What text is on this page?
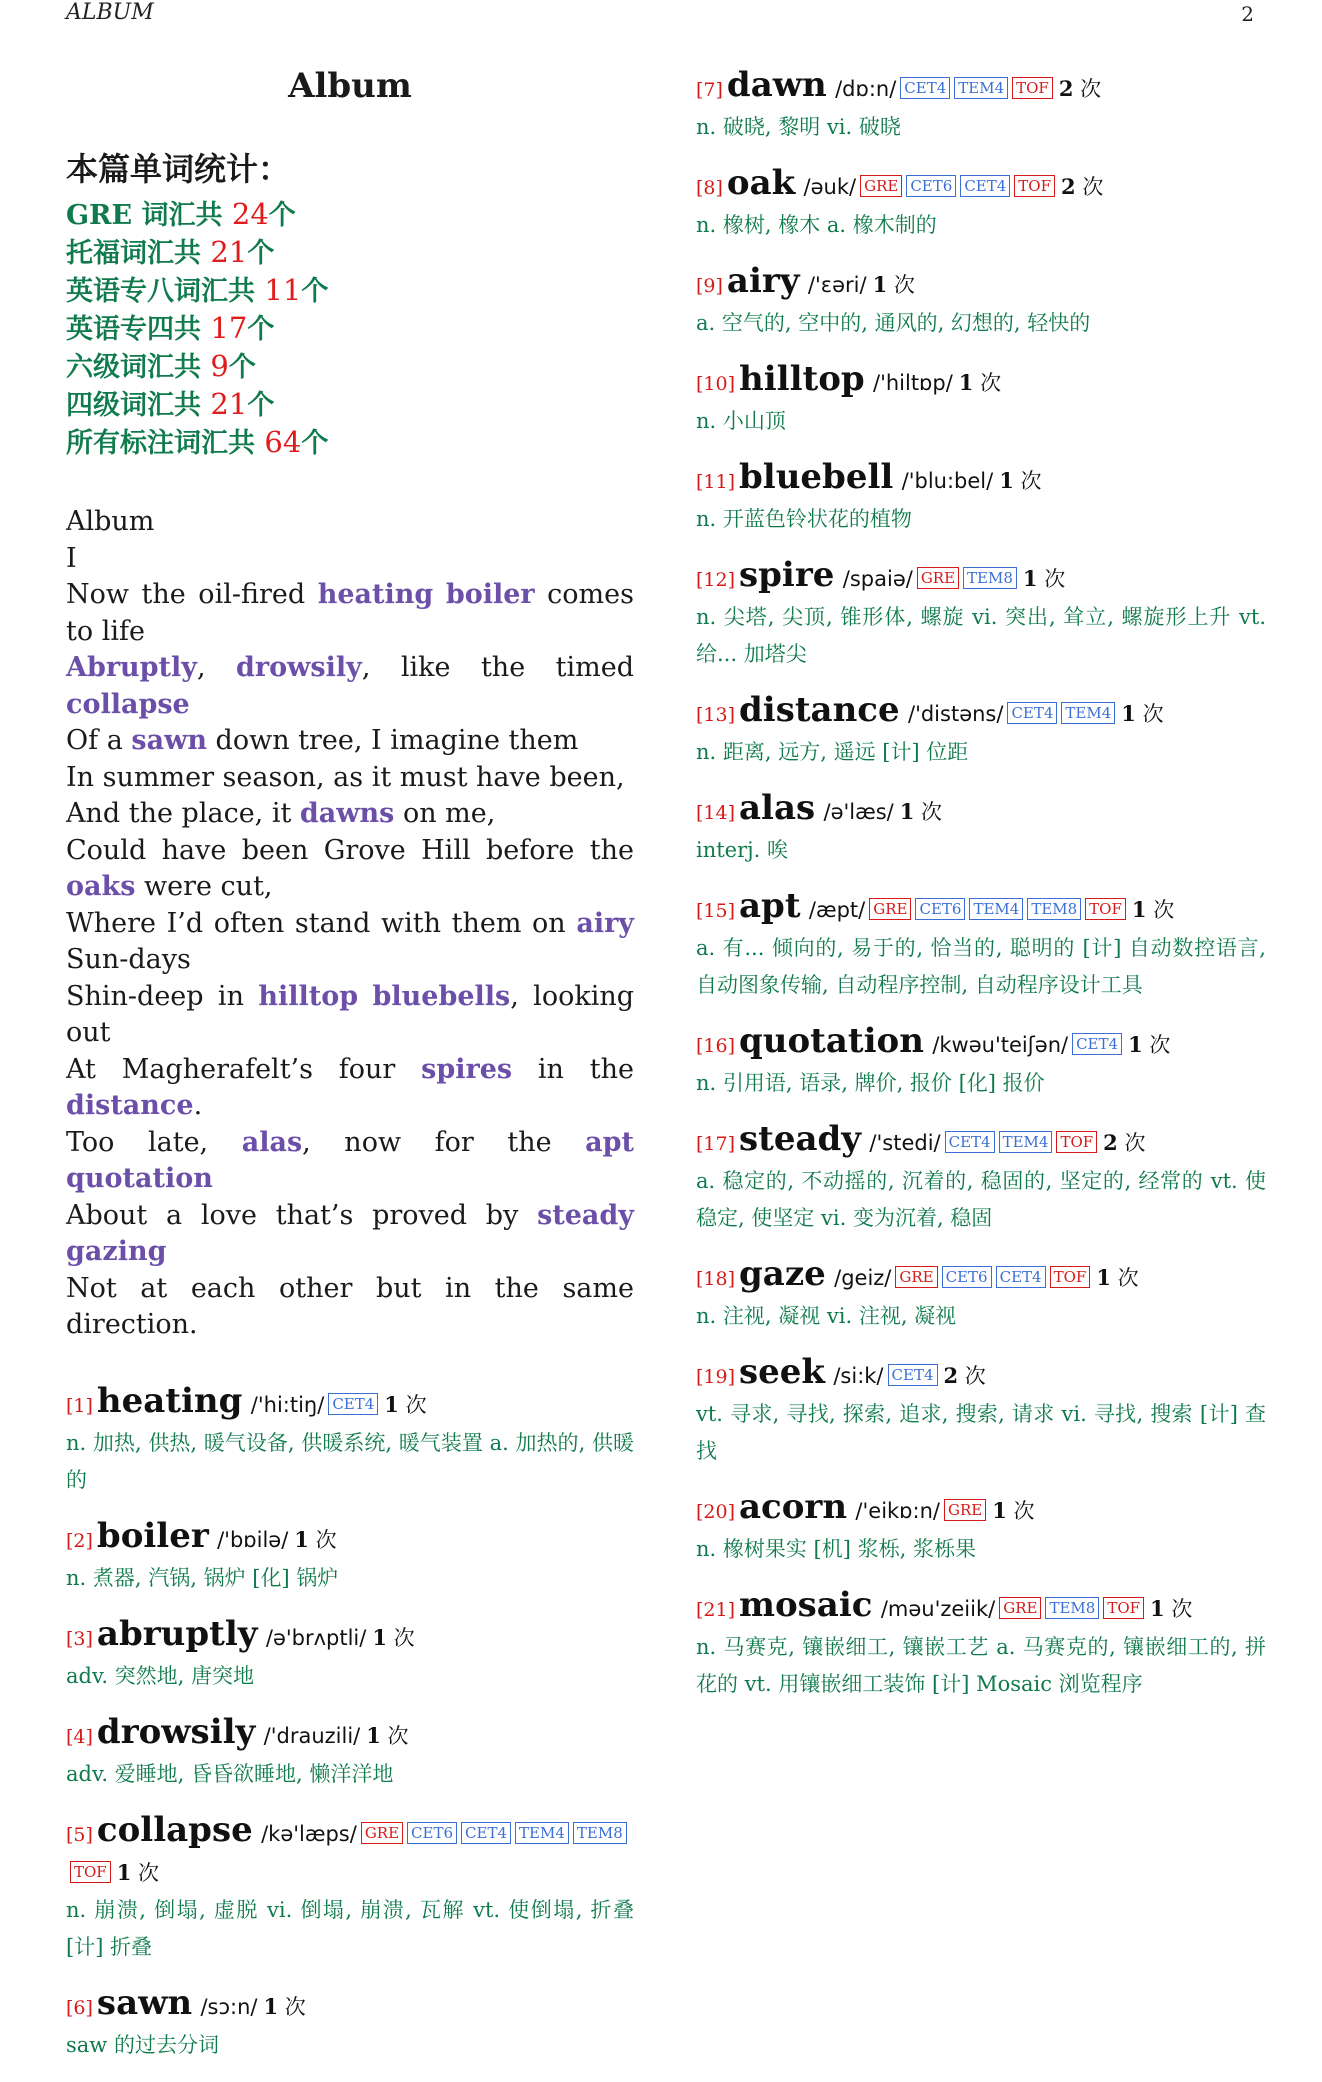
ALBUM	2
Album
本篇单词统计：
GRE 词汇共 24个
托福词汇共 21个
英语专八词汇共 11个
英语专四共 17个
六级词汇共 9个
四级词汇共 21个
所有标注词汇共 64个
Album
I
Now the oil-fired heating boiler comes to life
Abruptly, drowsily, like the timed collapse
Of a sawn down tree, I imagine them
In summer season, as it must have been,
And the place, it dawns on me,
Could have been Grove Hill before the oaks were cut,
Where I’d often stand with them on airy Sun-days
Shin-deep in hilltop bluebells, looking out
At Magherafelt’s four spires in the distance.
Too late, alas, now for the apt quotation
About a love that’s proved by steady gazing
Not at each other but in the same direction.
[1] heating /'hi:tiŋ/ CET4 1 次
n. 加热, 供热, 暖气设备, 供暖系统, 暖气装置 a. 加热的, 供暖的
[2] boiler /'bɒilə/ 1 次
n. 煮器, 汽锅, 锅炉 [化] 锅炉
[3] abruptly /ə'brʌptli/ 1 次
adv. 突然地, 唐突地
[4] drowsily /'drauzili/ 1 次
adv. 爱睡地, 昏昏欲睡地, 懒洋洋地
[5] collapse /kə'læps/ GRE CET6 CET4 TEM4 TEM8TOF 1 次
n. 崩溃, 倒塌, 虚脱 vi. 倒塌, 崩溃, 瓦解 vt. 使倒塌, 折叠 [计] 折叠
[6] sawn /sɔ:n/ 1 次
saw 的过去分词
[7] dawn /dɒ:n/ CET4 TEM4 TOF 2 次
n. 破晓, 黎明 vi. 破晓
[8] oak /əuk/ GRE CET6 CET4 TOF 2 次
n. 橡树, 橡木 a. 橡木制的
[9] airy /'ɛəri/ 1 次
a. 空气的, 空中的, 通风的, 幻想的, 轻快的
[10] hilltop /'hiltɒp/ 1 次
n. 小山顶
[11] bluebell /'blu:bel/ 1 次
n. 开蓝色铃状花的植物
[12] spire /spaiə/ GRE TEM8 1 次
n. 尖塔, 尖顶, 锥形体, 螺旋 vi. 突出, 耸立, 螺旋形上升 vt. 给... 加塔尖
[13] distance /'distəns/ CET4 TEM4 1 次
n. 距离, 远方, 遥远 [计] 位距
[14] alas /ə'læs/ 1 次
interj. 唉
[15] apt /æpt/ GRE CET6 TEM4 TEM8 TOF 1 次
a. 有... 倾向的, 易于的, 恰当的, 聪明的 [计] 自动数控语言, 自动图象传输, 自动程序控制, 自动程序设计工具
[16] quotation /kwəu'teiʃən/ CET4 1 次
n. 引用语, 语录, 牌价, 报价 [化] 报价
[17] steady /'stedi/ CET4 TEM4 TOF 2 次
a. 稳定的, 不动摇的, 沉着的, 稳固的, 坚定的, 经常的 vt. 使稳定, 使坚定 vi. 变为沉着, 稳固
[18] gaze /geiz/ GRE CET6 CET4 TOF 1 次
n. 注视, 凝视 vi. 注视, 凝视
[19] seek /si:k/ CET4 2 次
vt. 寻求, 寻找, 探索, 追求, 搜索, 请求 vi. 寻找, 搜索 [计] 查找
[20] acorn /'eikɒ:n/ GRE 1 次
n. 橡树果实 [机] 浆栎, 浆栎果
[21] mosaic /məu'zeiik/ GRE TEM8 TOF 1 次
n. 马赛克, 镶嵌细工, 镶嵌工艺 a. 马赛克的, 镶嵌细工的, 拼花的 vt. 用镶嵌细工装饰 [计] Mosaic 浏览程序
